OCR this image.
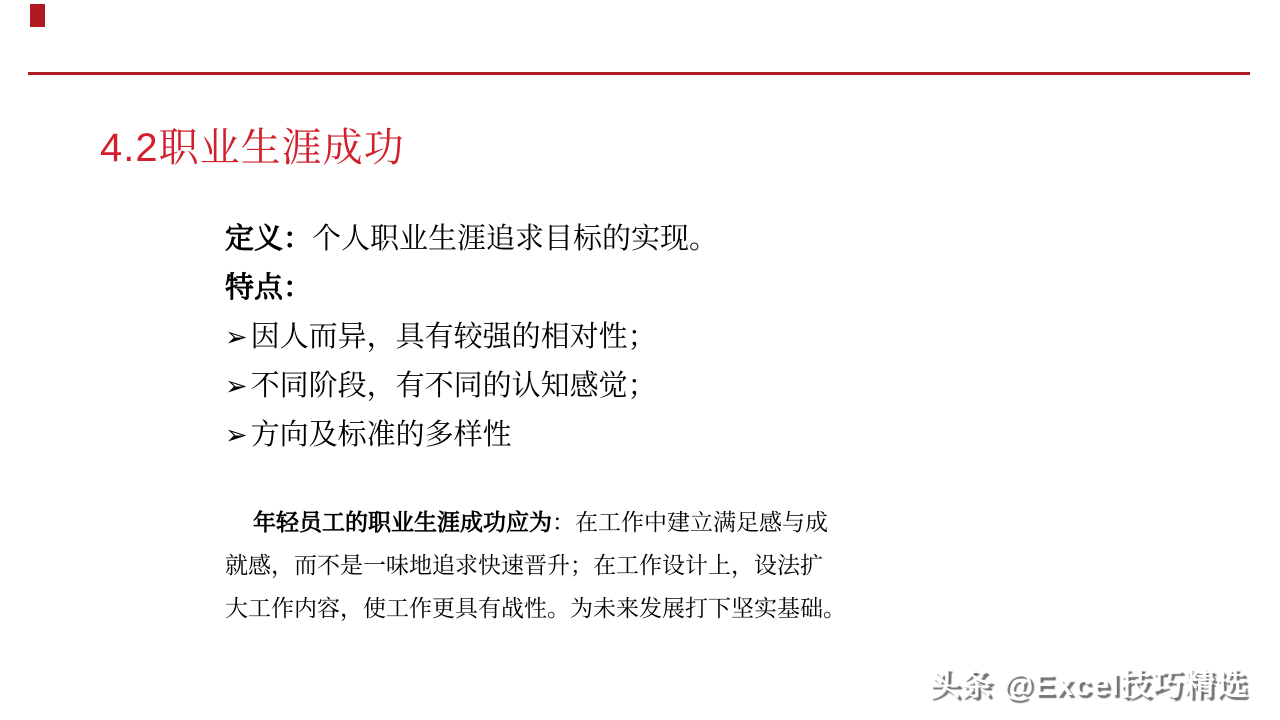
4.2职业生涯成功
定义：个人职业生涯追求目标的实现。
特点：
➢ 因人而异，具有较强的相对性；
➢ 不同阶段，有不同的认知感觉；
➢ 方向及标准的多样性
年轻员工的职业生涯成功应为：在工作中建立满足感与成
就感，而不是一味地追求快速晋升；在工作设计上，设法扩
大工作内容，使工作更具有战性。为未来发展打下坚实基础。
头条 @Excel技巧精选
